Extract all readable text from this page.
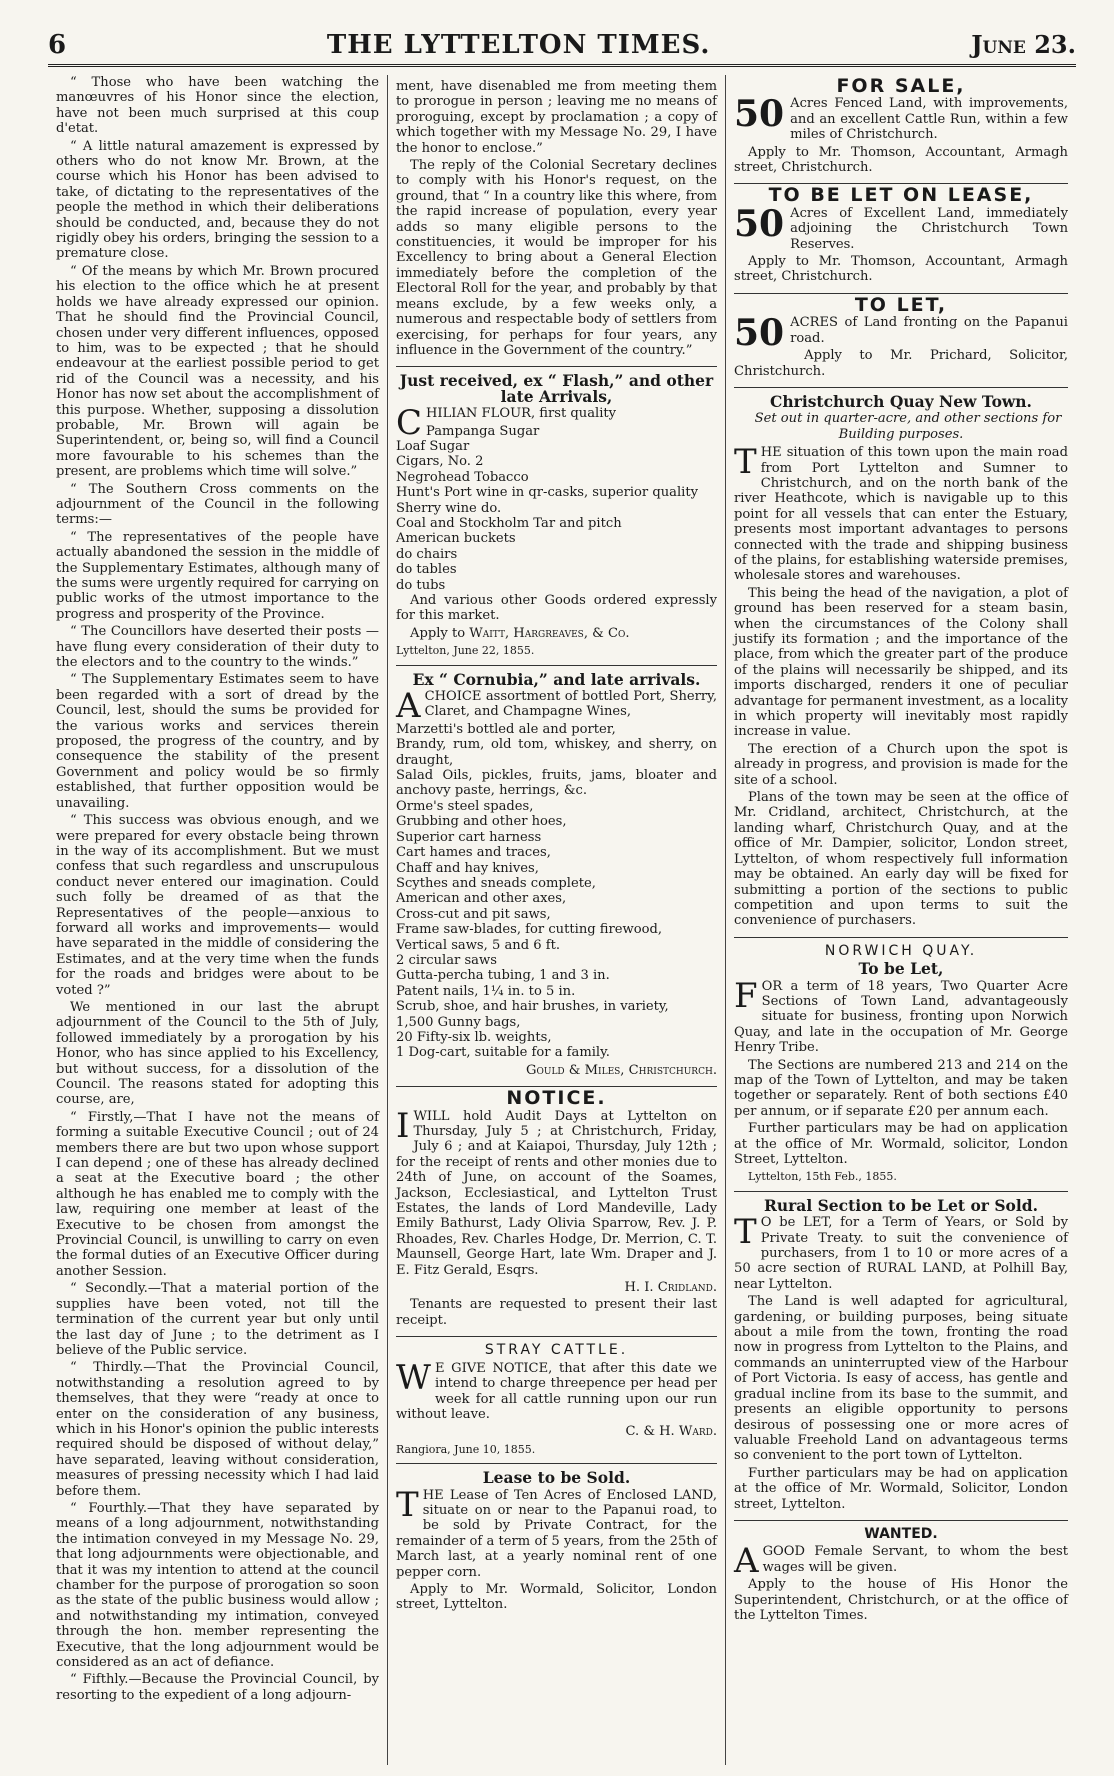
6	THE LYTTELTON TIMES.	June 23.

“ Those who have been watching the manœuvres of his Honor since the election, have not been much surprised at this coup d'etat.

“ A little natural amazement is expressed by others who do not know Mr. Brown, at the course which his Honor has been advised to take, of dictating to the representatives of the people the method in which their deliberations should be conducted, and, because they do not rigidly obey his orders, bringing the session to a premature close.

“ Of the means by which Mr. Brown procured his election to the office which he at present holds we have already expressed our opinion. That he should find the Provincial Council, chosen under very different influences, opposed to him, was to be expected ; that he should endeavour at the earliest possible period to get rid of the Council was a necessity, and his Honor has now set about the accomplishment of this purpose. Whether, supposing a dissolution probable, Mr. Brown will again be Superintendent, or, being so, will find a Council more favourable to his schemes than the present, are problems which time will solve.”

“ The Southern Cross comments on the adjournment of the Council in the following terms:—

“ The representatives of the people have actually abandoned the session in the middle of the Supplementary Estimates, although many of the sums were urgently required for carrying on public works of the utmost importance to the progress and prosperity of the Province.

“ The Councillors have deserted their posts —have flung every consideration of their duty to the electors and to the country to the winds.”

“ The Supplementary Estimates seem to have been regarded with a sort of dread by the Council, lest, should the sums be provided for the various works and services therein proposed, the progress of the country, and by consequence the stability of the present Government and policy would be so firmly established, that further opposition would be unavailing.

“ This success was obvious enough, and we were prepared for every obstacle being thrown in the way of its accomplishment. But we must confess that such regardless and unscrupulous conduct never entered our imagination. Could such folly be dreamed of as that the Representatives of the people—anxious to forward all works and improvements— would have separated in the middle of considering the Estimates, and at the very time when the funds for the roads and bridges were about to be voted ?”

We mentioned in our last the abrupt adjournment of the Council to the 5th of July, followed immediately by a prorogation by his Honor, who has since applied to his Excellency, but without success, for a dissolution of the Council. The reasons stated for adopting this course, are,

“ Firstly,—That I have not the means of forming a suitable Executive Council ; out of 24 members there are but two upon whose support I can depend ; one of these has already declined a seat at the Executive board ; the other although he has enabled me to comply with the law, requiring one member at least of the Executive to be chosen from amongst the Provincial Council, is unwilling to carry on even the formal duties of an Executive Officer during another Session.

“ Secondly.—That a material portion of the supplies have been voted, not till the termination of the current year but only until the last day of June ; to the detriment as I believe of the Public service.

“ Thirdly.—That the Provincial Council, notwithstanding a resolution agreed to by themselves, that they were “ready at once to enter on the consideration of any business, which in his Honor's opinion the public interests required should be disposed of without delay,” have separated, leaving without consideration, measures of pressing necessity which I had laid before them.

“ Fourthly.—That they have separated by means of a long adjournment, notwithstanding the intimation conveyed in my Message No. 29, that long adjournments were objectionable, and that it was my intention to attend at the council chamber for the purpose of prorogation so soon as the state of the public business would allow ; and notwithstanding my intimation, conveyed through the hon. member representing the Executive, that the long adjournment would be considered as an act of defiance.

“ Fifthly.—Because the Provincial Council, by resorting to the expedient of a long adjourn-

ment, have disenabled me from meeting them to prorogue in person ; leaving me no means of proroguing, except by proclamation ; a copy of which together with my Message No. 29, I have the honor to enclose.”

The reply of the Colonial Secretary declines to comply with his Honor's request, on the ground, that “ In a country like this where, from the rapid increase of population, every year adds so many eligible persons to the constituencies, it would be improper for his Excellency to bring about a General Election immediately before the completion of the Electoral Roll for the year, and probably by that means exclude, by a few weeks only, a numerous and respectable body of settlers from exercising, for perhaps for four years, any influence in the Government of the country.”

Just received, ex “ Flash,” and other late Arrivals,

CHILIAN FLOUR, first quality

Pampanga Sugar
Loaf Sugar
Cigars, No. 2
Negrohead Tobacco
Hunt's Port wine in qr-casks, superior quality
Sherry wine do.
Coal and Stockholm Tar and pitch
American buckets
do chairs
do tables
do tubs

And various other Goods ordered expressly for this market.

Apply to Waitt, Hargreaves, & Co.

Lyttelton, June 22, 1855.

Ex “ Cornubia,” and late arrivals.

ACHOICE assortment of bottled Port, Sherry, Claret, and Champagne Wines,

Marzetti's bottled ale and porter,
Brandy, rum, old tom, whiskey, and sherry, on draught,
Salad Oils, pickles, fruits, jams, bloater and anchovy paste, herrings, &c.
Orme's steel spades,
Grubbing and other hoes,
Superior cart harness
Cart hames and traces,
Chaff and hay knives,
Scythes and sneads complete,
American and other axes,
Cross-cut and pit saws,
Frame saw-blades, for cutting firewood,
Vertical saws, 5 and 6 ft.
2 circular saws
Gutta-percha tubing, 1 and 3 in.
Patent nails, 1¼ in. to 5 in.
Scrub, shoe, and hair brushes, in variety,
1,500 Gunny bags,
20 Fifty-six lb. weights,
1 Dog-cart, suitable for a family.

Gould & Miles, Christchurch.

NOTICE.

IWILL hold Audit Days at Lyttelton on Thursday, July 5 ; at Christchurch, Friday, July 6 ; and at Kaiapoi, Thursday, July 12th ; for the receipt of rents and other monies due to 24th of June, on account of the Soames, Jackson, Ecclesiastical, and Lyttelton Trust Estates, the lands of Lord Mandeville, Lady Emily Bathurst, Lady Olivia Sparrow, Rev. J. P. Rhoades, Rev. Charles Hodge, Dr. Merrion, C. T. Maunsell, George Hart, late Wm. Draper and J. E. Fitz Gerald, Esqrs.

H. I. Cridland.

Tenants are requested to present their last receipt.

STRAY CATTLE.

W E GIVE NOTICE, that after this date we intend to charge threepence per head per week for all cattle running upon our run without leave.

C. & H. Ward.

Rangiora, June 10, 1855.

Lease to be Sold.

THE Lease of Ten Acres of Enclosed LAND, situate on or near to the Papanui road, to be sold by Private Contract, for the remainder of a term of 5 years, from the 25th of March last, at a yearly nominal rent of one pepper corn.

Apply to Mr. Wormald, Solicitor, London street, Lyttelton.

FOR SALE,

50 Acres Fenced Land, with improvements, and an excellent Cattle Run, within a few miles of Christchurch.

Apply to Mr. Thomson, Accountant, Armagh street, Christchurch.

TO BE LET ON LEASE,

50 Acres of Excellent Land, immediately adjoining the Christchurch Town Reserves.

Apply to Mr. Thomson, Accountant, Armagh street, Christchurch.

TO LET,

50 ACRES of Land fronting on the Papanui road.

Apply to Mr. Prichard, Solicitor, Christchurch.

Christchurch Quay New Town.

Set out in quarter-acre, and other sections for Building purposes.

THE situation of this town upon the main road from Port Lyttelton and Sumner to Christchurch, and on the north bank of the river Heathcote, which is navigable up to this point for all vessels that can enter the Estuary, presents most important advantages to persons connected with the trade and shipping business of the plains, for establishing waterside premises, wholesale stores and warehouses.

This being the head of the navigation, a plot of ground has been reserved for a steam basin, when the circumstances of the Colony shall justify its formation ; and the importance of the place, from which the greater part of the produce of the plains will necessarily be shipped, and its imports discharged, renders it one of peculiar advantage for permanent investment, as a locality in which property will inevitably most rapidly increase in value.

The erection of a Church upon the spot is already in progress, and provision is made for the site of a school.

Plans of the town may be seen at the office of Mr. Cridland, architect, Christchurch, at the landing wharf, Christchurch Quay, and at the office of Mr. Dampier, solicitor, London street, Lyttelton, of whom respectively full information may be obtained. An early day will be fixed for submitting a portion of the sections to public competition and upon terms to suit the convenience of purchasers.

NORWICH QUAY.
To be Let,

FOR a term of 18 years, Two Quarter Acre Sections of Town Land, advantageously situate for business, fronting upon Norwich Quay, and late in the occupation of Mr. George Henry Tribe.

The Sections are numbered 213 and 214 on the map of the Town of Lyttelton, and may be taken together or separately. Rent of both sections £40 per annum, or if separate £20 per annum each.

Further particulars may be had on application at the office of Mr. Wormald, solicitor, London Street, Lyttelton.

Lyttelton, 15th Feb., 1855.

Rural Section to be Let or Sold.

T O be LET, for a Term of Years, or Sold by Private Treaty. to suit the convenience of purchasers, from 1 to 10 or more acres of a 50 acre section of RURAL LAND, at Polhill Bay, near Lyttelton.

The Land is well adapted for agricultural, gardening, or building purposes, being situate about a mile from the town, fronting the road now in progress from Lyttelton to the Plains, and commands an uninterrupted view of the Harbour of Port Victoria. Is easy of access, has gentle and gradual incline from its base to the summit, and presents an eligible opportunity to persons desirous of possessing one or more acres of valuable Freehold Land on advantageous terms so convenient to the port town of Lyttelton.

Further particulars may be had on application at the office of Mr. Wormald, Solicitor, London street, Lyttelton.

WANTED.

AGOOD Female Servant, to whom the best wages will be given.

Apply to the house of His Honor the Superintendent, Christchurch, or at the office of the Lyttelton Times.
